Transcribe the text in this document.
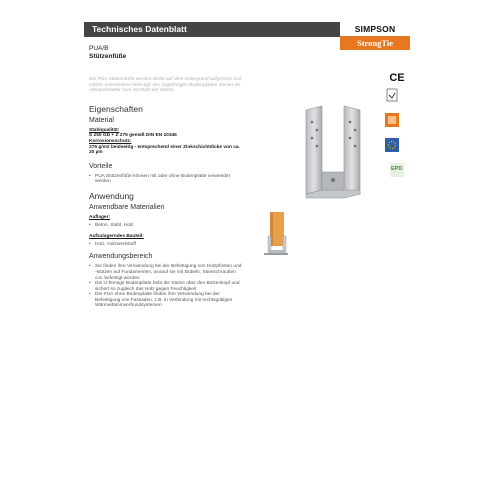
Technisches Datenblatt	SIMPSON
StrongTie
PUA/B
Stützenfüße
Die PUA Stützenfüße werden direkt auf dem Untergrund aufgesetzt und mittels Ankerbolzen befestigt. Die zugehörigen Bodenplatten dienen als Abstandshalter zum Hirnholz der Stütze.
Eigenschaften
Material
Stahlqualität:
S 250 GD + Z 275 gemäß DIN EN 10346
Korrosionsschutz:
275 g/m2 beidseitig - entsprechend einer Zinkschichtdicke von ca. 20 µm
Vorteile
• PUA Stützenfüße können mit oder ohne Bodenplatte verwendet werden
Anwendung
Anwendbare Materialien
Auflager:
• Beton, Stahl, Holz
Aufzulagerndes Bauteil:
• Holz, Holzwerkstoff
Anwendungsbereich
• Sie finden ihre Verwendung bei der Befestigung von Holzpfosten und -stützen auf Fundamenten, worauf sie mit Dübeln, Steinschrauben o.ä. befestigt werden
• Die U-förmige Bodenplatte hebt die Stütze über den Bolzenkopf und sichert so zugleich das Holz gegen Feuchtigkeit
• Die PUA ohne Bodenplatte finden ihre Verwendung bei der Befestigung von Fassaden, z.B. in Verbindung mit rechtsgültigen Wärmedämmverbundsystemen
CE

EPD
